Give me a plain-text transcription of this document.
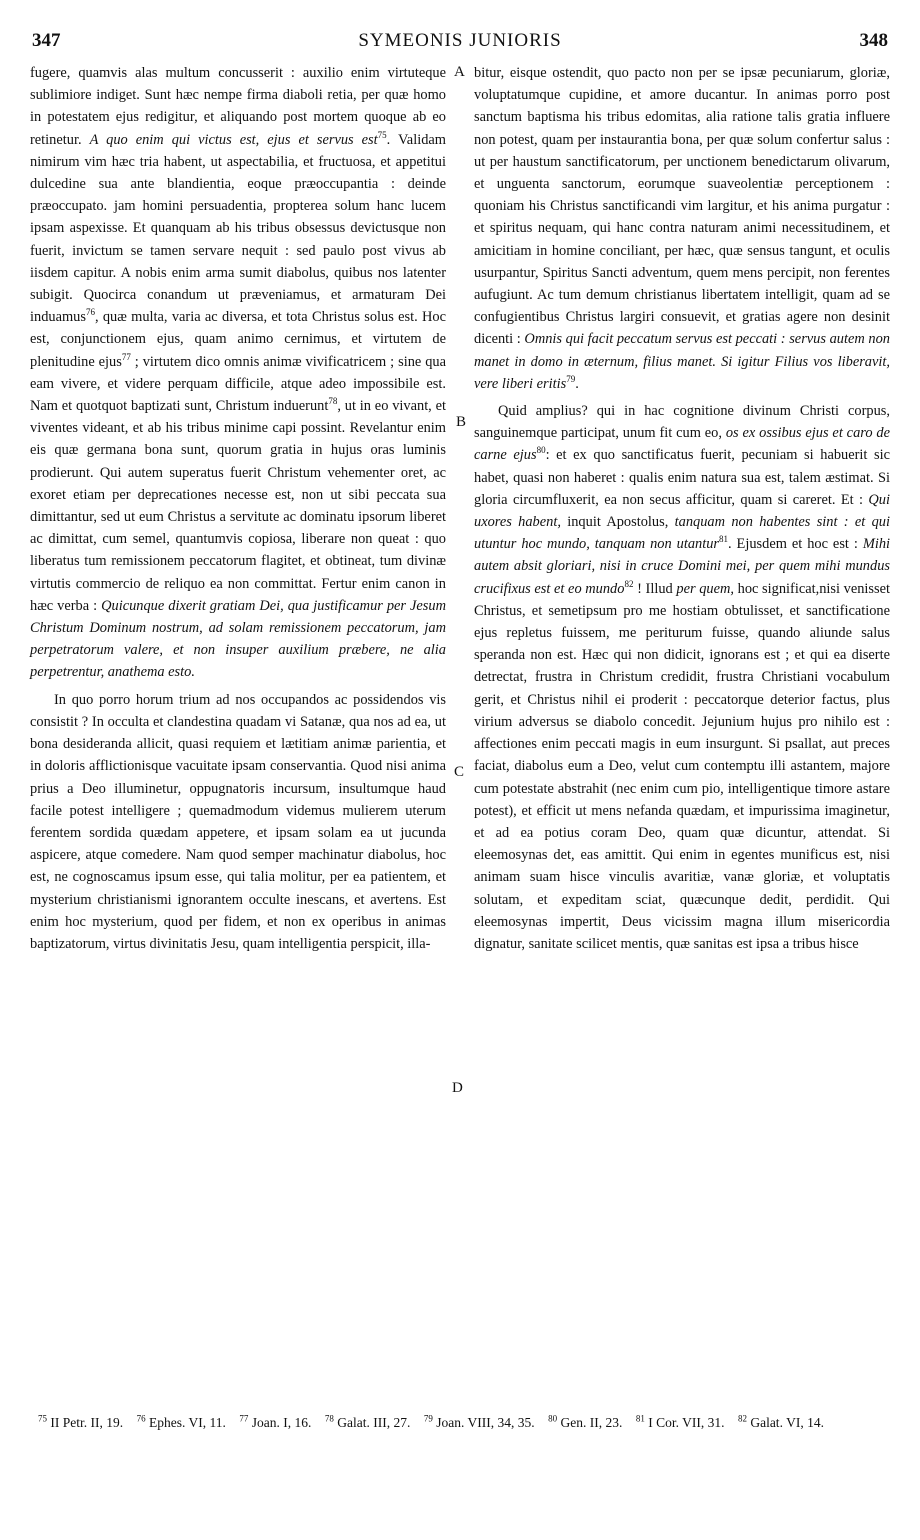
347	SYMEONIS JUNIORIS	348
A
B
C
D

fugere, quamvis alas multum concusserit : auxilio enim virtuteque sublimiore indiget. Sunt hæc nempe firma diaboli retia, per quæ homo in potestatem ejus redigitur, et aliquando post mortem quoque ab eo retinetur. A quo enim qui victus est, ejus et servus est$^{75}$. Validam nimirum vim hæc tria habent, ut aspectabilia, et fructuosa, et appetitui dulcedine sua ante blandientia, eoque præoccupantia : deinde præoccupato. jam homini persuadentia, propterea solum hanc lucem ipsam aspexisse. Et quanquam ab his tribus obsessus devictusque non fuerit, invictum se tamen servare nequit : sed paulo post vivus ab iisdem capitur. A nobis enim arma sumit diabolus, quibus nos latenter subigit. Quocirca conandum ut præveniamus, et armaturam Dei induamus$^{76}$, quæ multa, varia ac diversa, et tota Christus solus est. Hoc est, conjunctionem ejus, quam animo cernimus, et virtutem de plenitudine ejus$^{77}$ ; virtutem dico omnis animæ vivificatricem ; sine qua eam vivere, et videre perquam difficile, atque adeo impossibile est. Nam et quotquot baptizati sunt, Christum induerunt$^{78}$, ut in eo vivant, et viventes videant, et ab his tribus minime capi possint. Revelantur enim eis quæ germana bona sunt, quorum gratia in hujus oras luminis prodierunt. Qui autem superatus fuerit Christum vehementer oret, ac exoret etiam per deprecationes necesse est, non ut sibi peccata sua dimittantur, sed ut eum Christus a servitute ac dominatu ipsorum liberet ac dimittat, cum semel, quantumvis copiosa, liberare non queat : quo liberatus tum remissionem peccatorum flagitet, et obtineat, tum divinæ virtutis commercio de reliquo ea non committat. Fertur enim canon in hæc verba : Quicunque dixerit gratiam Dei, qua justificamur per Jesum Christum Dominum nostrum, ad solam remissionem peccatorum, jam perpetratorum valere, et non insuper auxilium præbere, ne alia perpetrentur, anathema esto.

In quo porro horum trium ad nos occupandos ac possidendos vis consistit ? In occulta et clandestina quadam vi Satanæ, qua nos ad ea, ut bona desideranda allicit, quasi requiem et lætitiam animæ parientia, et in doloris afflictionisque vacuitate ipsam conservantia. Quod nisi anima prius a Deo illuminetur, oppugnatoris incursum, insultumque haud facile potest intelligere ; quemadmodum videmus mulierem uterum ferentem sordida quædam appetere, et ipsam solam ea ut jucunda aspicere, atque comedere. Nam quod semper machinatur diabolus, hoc est, ne cognoscamus ipsum esse, qui talia molitur, per ea patientem, et mysterium christianismi ignorantem occulte inescans, et avertens. Est enim hoc mysterium, quod per fidem, et non ex operibus in animas baptizatorum, virtus divinitatis Jesu, quam intelligentia perspicit, illa-

bitur, eisque ostendit, quo pacto non per se ipsæ pecuniarum, gloriæ, voluptatumque cupidine, et amore ducantur. In animas porro post sanctum baptisma his tribus edomitas, alia ratione talis gratia influere non potest, quam per instaurantia bona, per quæ solum confertur salus : ut per haustum sanctificatorum, per unctionem benedictarum olivarum, et unguenta sanctorum, eorumque suaveolentiæ perceptionem : quoniam his Christus sanctificandi vim largitur, et his anima purgatur : et spiritus nequam, qui hanc contra naturam animi necessitudinem, et amicitiam in homine conciliant, per hæc, quæ sensus tangunt, et oculis usurpantur, Spiritus Sancti adventum, quem mens percipit, non ferentes aufugiunt. Ac tum demum christianus libertatem intelligit, quam ad se confugientibus Christus largiri consuevit, et gratias agere non desinit dicenti : Omnis qui facit peccatum servus est peccati : servus autem non manet in domo in æternum, filius manet. Si igitur Filius vos liberavit, vere liberi eritis$^{79}$.

Quid amplius? qui in hac cognitione divinum Christi corpus, sanguinemque participat, unum fit cum eo, os ex ossibus ejus et caro de carne ejus$^{80}$: et ex quo sanctificatus fuerit, pecuniam si habuerit sic habet, quasi non haberet : qualis enim natura sua est, talem æstimat. Si gloria circumfluxerit, ea non secus afficitur, quam si careret. Et : Qui uxores habent, inquit Apostolus, tanquam non habentes sint : et qui utuntur hoc mundo, tanquam non utantur$^{81}$. Ejusdem et hoc est : Mihi autem absit gloriari, nisi in cruce Domini mei, per quem mihi mundus crucifixus est et eo mundo$^{82}$ ! Illud per quem, hoc significat,nisi venisset Christus, et semetipsum pro me hostiam obtulisset, et sanctificatione ejus repletus fuissem, me periturum fuisse, quando aliunde salus speranda non est. Hæc qui non didicit, ignorans est ; et qui ea diserte detrectat, frustra in Christum credidit, frustra Christiani vocabulum gerit, et Christus nihil ei proderit : peccatorque deterior factus, plus virium adversus se diabolo concedit. Jejunium hujus pro nihilo est : affectiones enim peccati magis in eum insurgunt. Si psallat, aut preces faciat, diabolus eum a Deo, velut cum contemptu illi astantem, majore cum potestate abstrahit (nec enim cum pio, intelligentique timore astare potest), et efficit ut mens nefanda quædam, et impurissima imaginetur, et ad ea potius coram Deo, quam quæ dicuntur, attendat. Si eleemosynas det, eas amittit. Qui enim in egentes munificus est, nisi animam suam hisce vinculis avaritiæ, vanæ gloriæ, et voluptatis solutam, et expeditam sciat, quæcunque dedit, perdidit. Qui eleemosynas impertit, Deus vicissim magna illum misericordia dignatur, sanitate scilicet mentis, quæ sanitas est ipsa a tribus hisce

$^{75}$ II Petr. II, 19. $^{76}$ Ephes. VI, 11. $^{77}$ Joan. I, 16. $^{78}$ Galat. III, 27. $^{79}$ Joan. VIII, 34, 35. $^{80}$ Gen. II, 23. $^{81}$ I Cor. VII, 31. $^{82}$ Galat. VI, 14.
